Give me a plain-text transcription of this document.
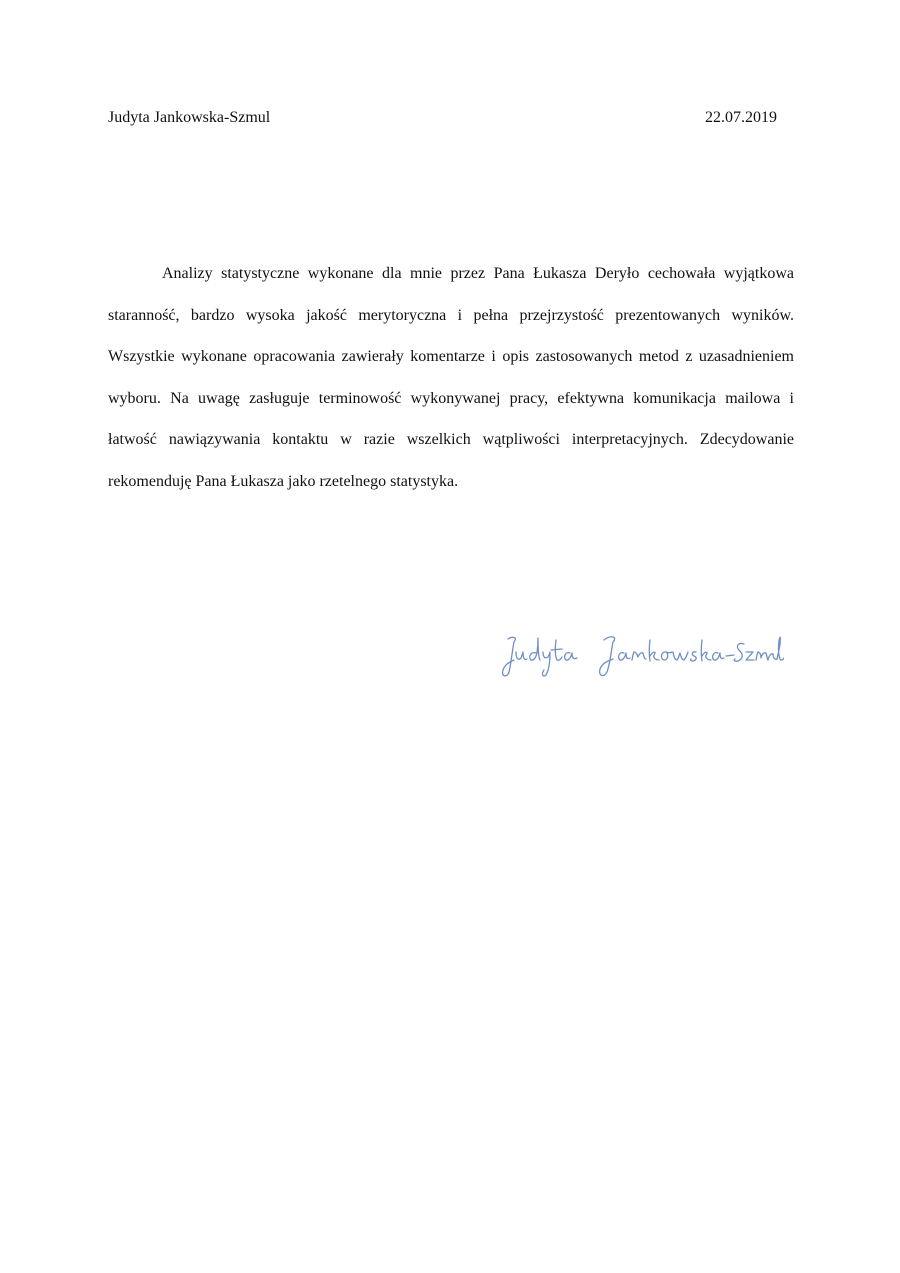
Judyta Jankowska-Szmul	22.07.2019

Analizy statystyczne wykonane dla mnie przez Pana Łukasza Deryło cechowała wyjątkowa staranność, bardzo wysoka jakość merytoryczna i pełna przejrzystość prezentowanych wyników. Wszystkie wykonane opracowania zawierały komentarze i opis zastosowanych metod z uzasadnieniem wyboru. Na uwagę zasługuje terminowość wykonywanej pracy, efektywna komunikacja mailowa i łatwość nawiązywania kontaktu w razie wszelkich wątpliwości interpretacyjnych. Zdecydowanie rekomenduję Pana Łukasza jako rzetelnego statystyka.
